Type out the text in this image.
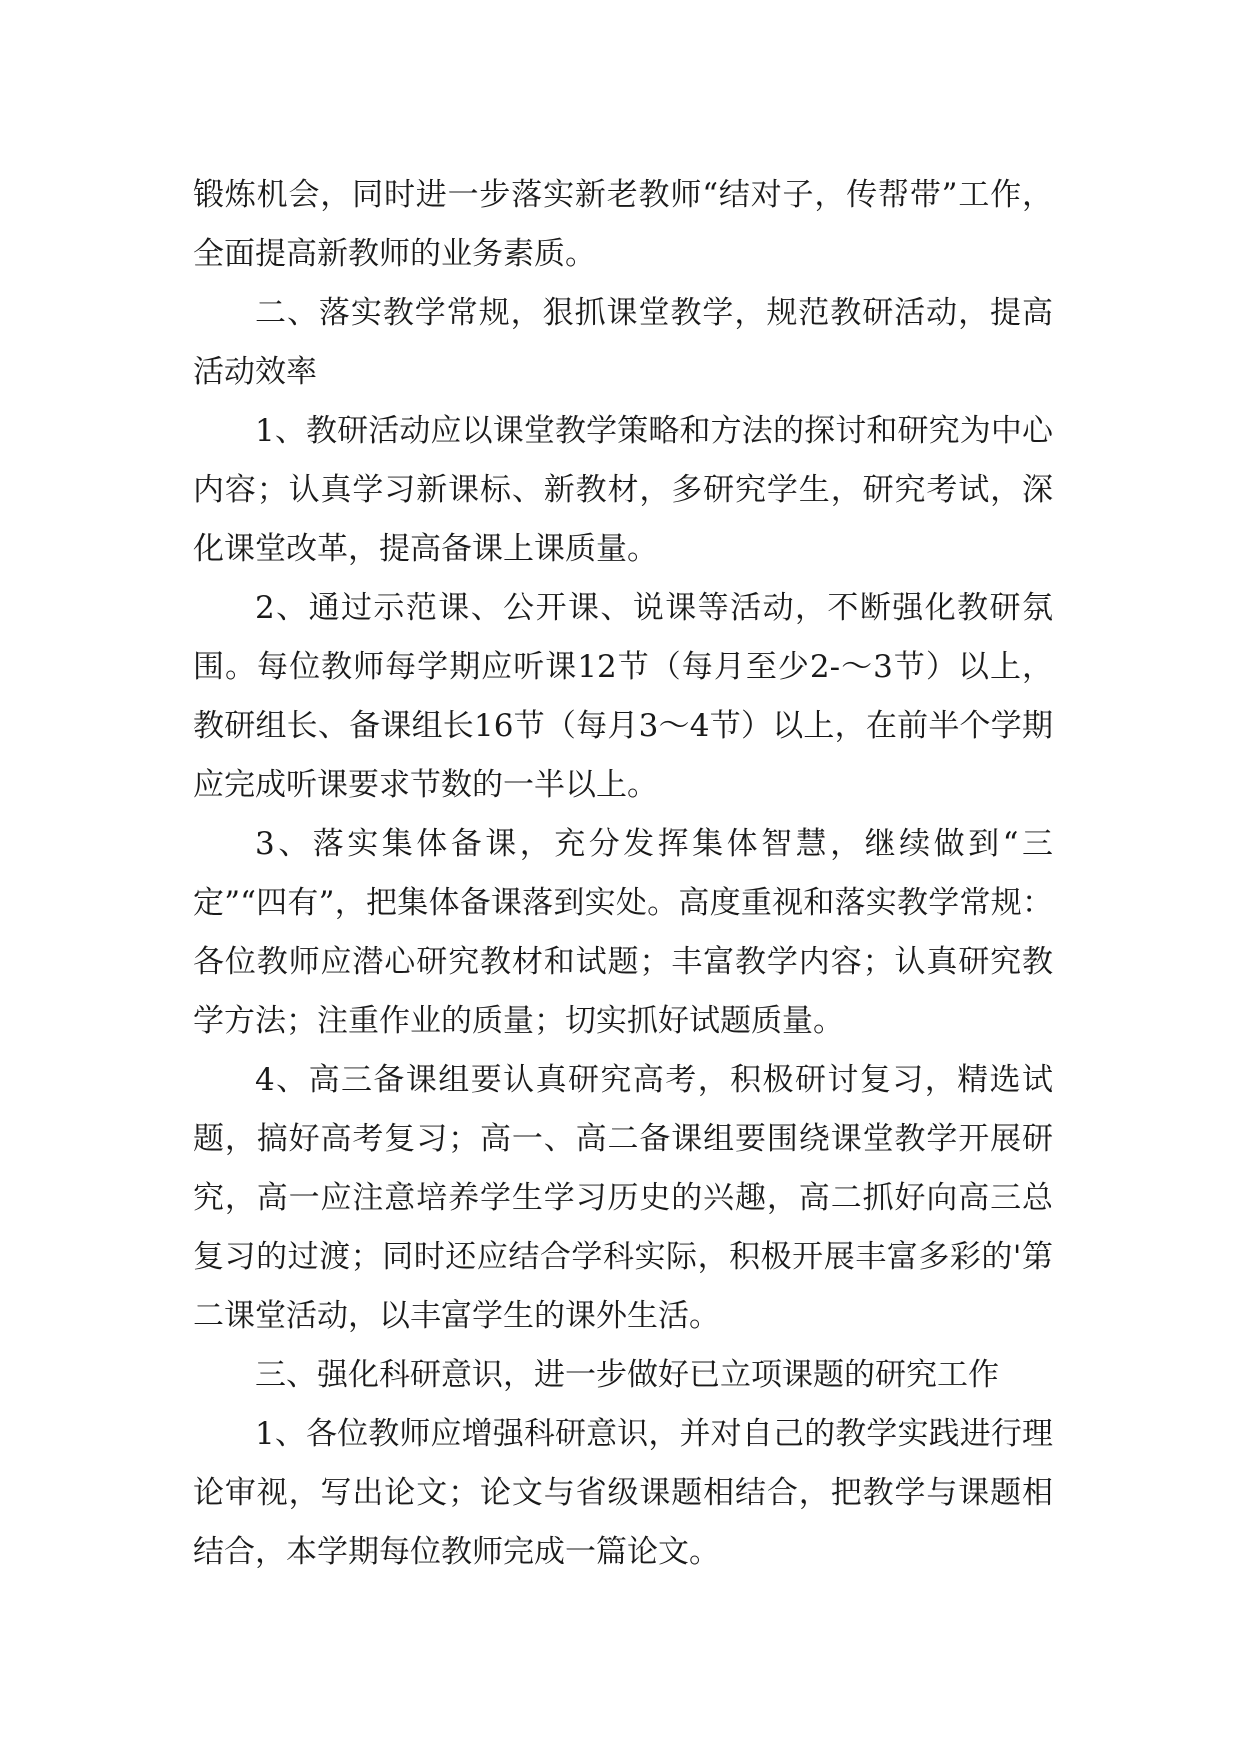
锻炼机会，同时进一步落实新老教师“结对子，传帮带”工作，全面提高新教师的业务素质。

二、落实教学常规，狠抓课堂教学，规范教研活动，提高活动效率

1、教研活动应以课堂教学策略和方法的探讨和研究为中心内容；认真学习新课标、新教材，多研究学生，研究考试，深化课堂改革，提高备课上课质量。

2、通过示范课、公开课、说课等活动，不断强化教研氛围。每位教师每学期应听课12节（每月至少2-～3节）以上，教研组长、备课组长16节（每月3～4节）以上，在前半个学期应完成听课要求节数的一半以上。

3、落实集体备课，充分发挥集体智慧，继续做到“三定”“四有”，把集体备课落到实处。高度重视和落实教学常规：各位教师应潜心研究教材和试题；丰富教学内容；认真研究教学方法；注重作业的质量；切实抓好试题质量。

4、高三备课组要认真研究高考，积极研讨复习，精选试题，搞好高考复习；高一、高二备课组要围绕课堂教学开展研究，高一应注意培养学生学习历史的兴趣，高二抓好向高三总复习的过渡；同时还应结合学科实际，积极开展丰富多彩的'第二课堂活动，以丰富学生的课外生活。

三、强化科研意识，进一步做好已立项课题的研究工作

1、各位教师应增强科研意识，并对自己的教学实践进行理论审视，写出论文；论文与省级课题相结合，把教学与课题相结合，本学期每位教师完成一篇论文。
